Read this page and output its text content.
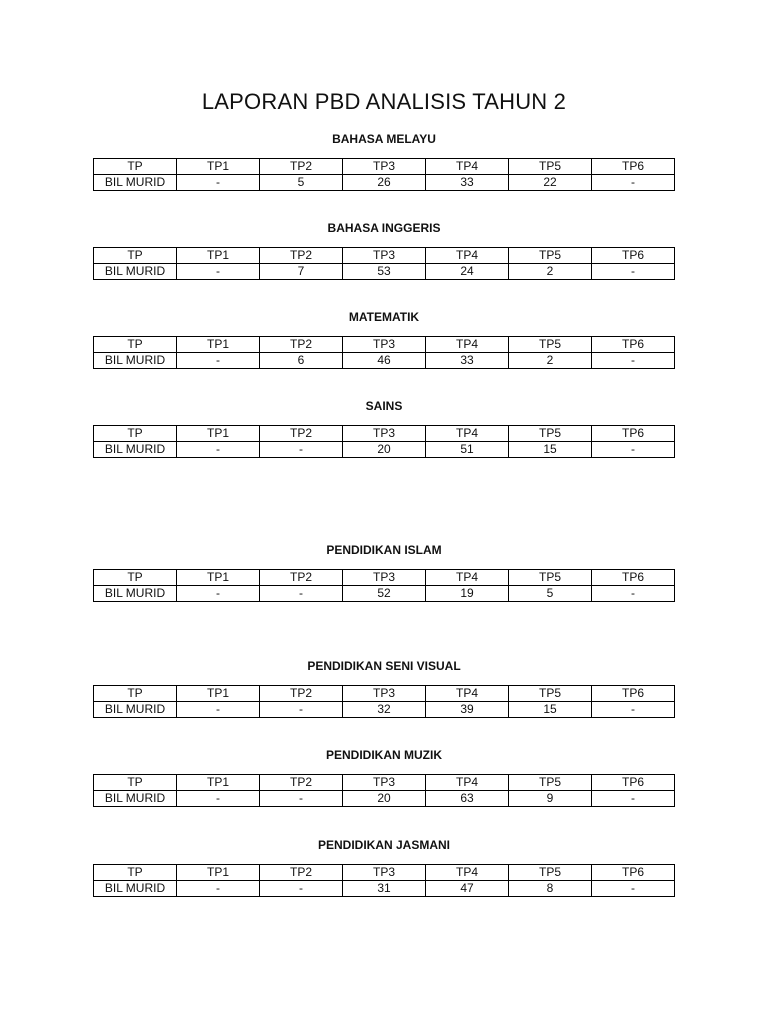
LAPORAN PBD ANALISIS TAHUN 2
BAHASA MELAYU
TP	TP1	TP2	TP3	TP4	TP5	TP6
BIL MURID	-	5	26	33	22	-
BAHASA INGGERIS
TP	TP1	TP2	TP3	TP4	TP5	TP6
BIL MURID	-	7	53	24	2	-
MATEMATIK
TP	TP1	TP2	TP3	TP4	TP5	TP6
BIL MURID	-	6	46	33	2	-
SAINS
TP	TP1	TP2	TP3	TP4	TP5	TP6
BIL MURID	-	-	20	51	15	-
PENDIDIKAN ISLAM
TP	TP1	TP2	TP3	TP4	TP5	TP6
BIL MURID	-	-	52	19	5	-
PENDIDIKAN SENI VISUAL
TP	TP1	TP2	TP3	TP4	TP5	TP6
BIL MURID	-	-	32	39	15	-
PENDIDIKAN MUZIK
TP	TP1	TP2	TP3	TP4	TP5	TP6
BIL MURID	-	-	20	63	9	-
PENDIDIKAN JASMANI
TP	TP1	TP2	TP3	TP4	TP5	TP6
BIL MURID	-	-	31	47	8	-
